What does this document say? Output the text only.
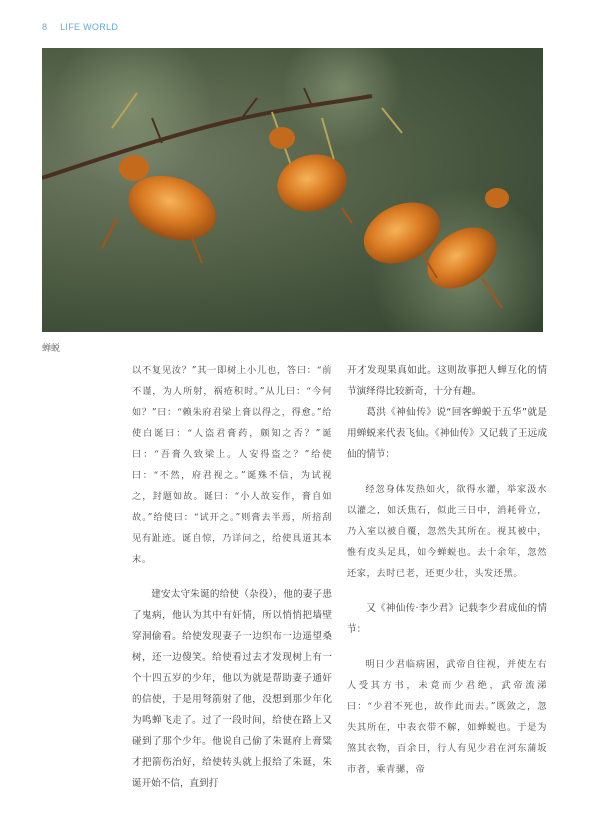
8 LIFE WORLD
蝉蜕

以不复见汝？”其一即树上小儿也，答曰：“前不谨，为人所射，祸疮积时。”从儿曰：“今何如？”曰：“赖朱府君梁上膏以得之，得愈。”给使白诞曰：“人盗君膏药，颇知之否？”诞曰：“吾膏久致梁上。人安得盗之？”给使曰：“不然，府君视之。”诞殊不信，为试视之，封题如故。诞曰：“小人故妄作，膏自如故。”给使曰：“试开之。”则膏去半焉，所掊刮见有趾迹。诞自惊，乃详问之，给使具道其本末。

建安太守朱诞的给使（杂役），他的妻子患了鬼病，他认为其中有奸情，所以悄悄把墙壁穿洞偷看。给使发现妻子一边织布一边遥望桑树，还一边傻笑。给使看过去才发现树上有一个十四五岁的少年，他以为就是帮助妻子通奸的信使，于是用弩箭射了他，没想到那少年化为鸣蝉飞走了。过了一段时间，给使在路上又碰到了那个少年。他说自己偷了朱诞府上膏粱才把箭伤治好，给使转头就上报给了朱诞，朱诞开始不信，直到打

开才发现果真如此。这则故事把人蝉互化的情节演绎得比较新奇，十分有趣。

葛洪《神仙传》说“回客蝉蜕于五华”就是用蝉蜕来代表飞仙。《神仙传》又记载了王远成仙的情节：

经忽身体发热如火，欲得水灌，举家汲水以灌之，如沃焦石，似此三日中，消耗骨立，乃入室以被自覆，忽然失其所在。视其被中，惟有皮头足具，如今蝉蜕也。去十余年，忽然还家，去时已老，还更少壮，头发还黑。

又《神仙传·李少君》记载李少君成仙的情节：

明日少君临病困，武帝自往视，并使左右人受其方书，未竟而少君绝，武帝流涕曰：“少君不死也，故作此而去。”既敛之，忽失其所在，中表衣带不解，如蝉蜕也。于是为煞其衣物，百余日，行人有见少君在河东蒲坂市者，乘青骡，帝
